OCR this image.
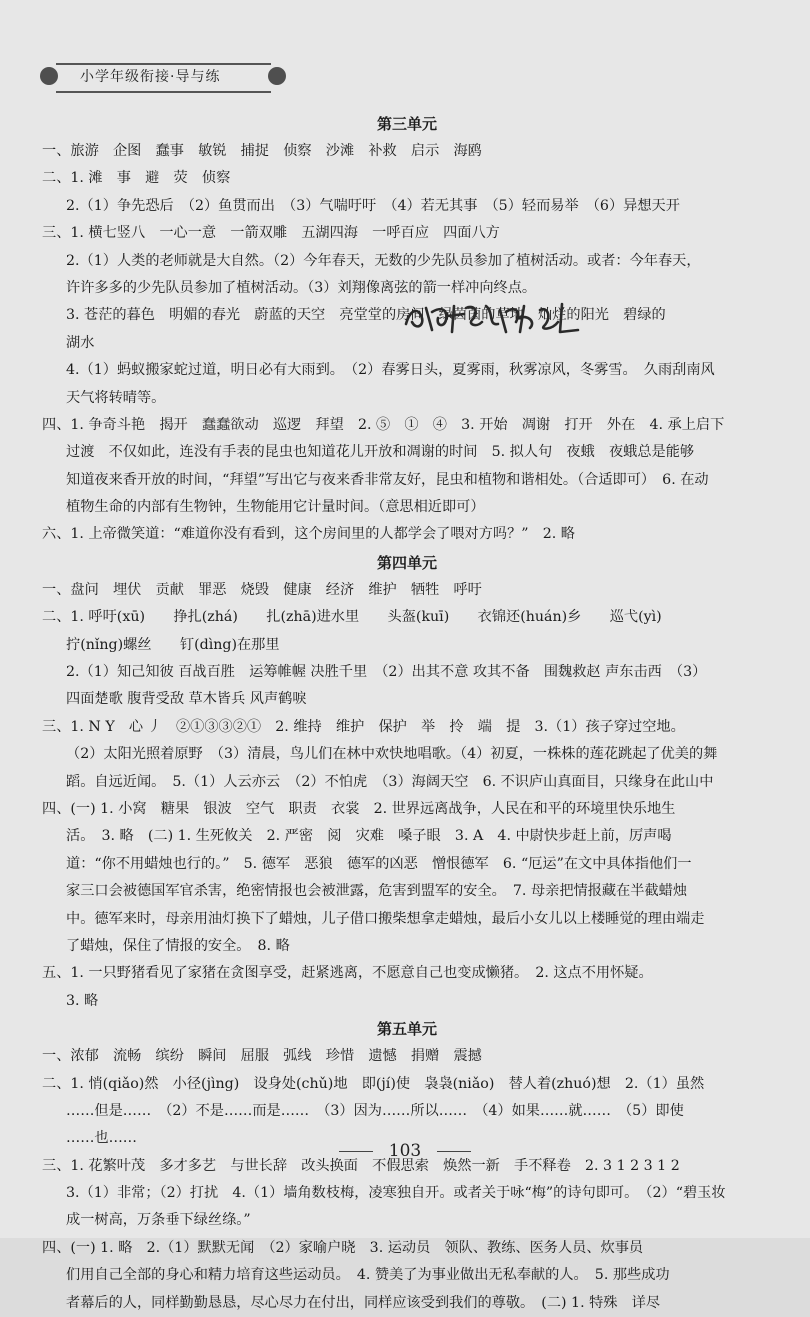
小学年级衔接·导与练
第三单元
一、旅游　企图　蠢事　敏锐　捕捉　侦察　沙滩　补救　启示　海鸥
二、1. 滩　事　避　荧　侦察
2.（1）争先恐后　（2）鱼贯而出　（3）气喘吁吁　（4）若无其事　（5）轻而易举　（6）异想天开
三、1. 横七竖八　一心一意　一箭双雕　五湖四海　一呼百应　四面八方
2.（1）人类的老师就是大自然。（2）今年春天，无数的少先队员参加了植树活动。或者：今年春天，
许许多多的少先队员参加了植树活动。（3）刘翔像离弦的箭一样冲向终点。
3. 苍茫的暮色　明媚的春光　蔚蓝的天空　亮堂堂的房间　绿茵茵的草地　灿烂的阳光　碧绿的
湖水
4.（1）蚂蚁搬家蛇过道，明日必有大雨到。　（2）春雾日头，夏雾雨，秋雾凉风，冬雾雪。　久雨刮南风
天气将转晴等。
四、1. 争奇斗艳　揭开　蠢蠢欲动　巡逻　拜望　2. ⑤　①　④　3. 开始　凋谢　打开　外在　4. 承上启下
过渡　不仅如此，连没有手表的昆虫也知道花儿开放和凋谢的时间　5. 拟人句　夜蛾　夜蛾总是能够
知道夜来香开放的时间，“拜望”写出它与夜来香非常友好，昆虫和植物和谐相处。（合适即可）　6. 在动
植物生命的内部有生物钟，生物能用它计量时间。（意思相近即可）
六、1. 上帝微笑道：“难道你没有看到，这个房间里的人都学会了喂对方吗？”　2. 略
第四单元
一、盘问　埋伏　贡献　罪恶　烧毁　健康　经济　维护　牺牲　呼吁
二、1. 呼吁(xū)　　挣扎(zhá)　　扎(zhā)进水里　　头盔(kuī)　　衣锦还(huán)乡　　巡弋(yì)
拧(nǐng)螺丝　　钉(dìng)在那里
2.（1）知己知彼 百战百胜　运筹帷幄 决胜千里　（2）出其不意 攻其不备　围魏救赵 声东击西　（3）
四面楚歌 腹背受敌 草木皆兵 风声鹤唳
三、1. N Y　心 丿　②①③③②①　2. 维持　维护　保护　举　拎　端　提　3.（1）孩子穿过空地。
（2）太阳光照着原野　（3）清晨，鸟儿们在林中欢快地唱歌。（4）初夏，一株株的莲花跳起了优美的舞
蹈。自远近闻。　5.（1）人云亦云　（2）不怕虎　（3）海阔天空　6. 不识庐山真面目，只缘身在此山中
四、(一) 1. 小窝　糖果　银波　空气　职责　衣裳　2. 世界远离战争，人民在和平的环境里快乐地生
活。　3. 略　(二) 1. 生死攸关　2. 严密　阅　灾难　嗓子眼　3. A　4. 中尉快步赶上前，厉声喝
道：“你不用蜡烛也行的。”　5. 德军　恶狼　德军的凶恶　憎恨德军　6. “厄运”在文中具体指他们一
家三口会被德国军官杀害，绝密情报也会被泄露，危害到盟军的安全。　7. 母亲把情报藏在半截蜡烛
中。德军来时，母亲用油灯换下了蜡烛，儿子借口搬柴想拿走蜡烛，最后小女儿以上楼睡觉的理由端走
了蜡烛，保住了情报的安全。　8. 略
五、1. 一只野猪看见了家猪在贪图享受，赶紧逃离，不愿意自己也变成懒猪。　2. 这点不用怀疑。
3. 略
第五单元
一、浓郁　流畅　缤纷　瞬间　屈服　弧线　珍惜　遗憾　捐赠　震撼
二、1. 悄(qiǎo)然　小径(jìng)　设身处(chǔ)地　即(jí)使　袅袅(niǎo)　替人着(zhuó)想　2.（1）虽然
……但是……　（2）不是……而是……　（3）因为……所以……　（4）如果……就……　（5）即使
……也……
三、1. 花繁叶茂　多才多艺　与世长辞　改头换面　不假思索　焕然一新　手不释卷　2. 3 1 2 3 1 2
3.（1）非常；（2）打扰　4.（1）墙角数枝梅，凌寒独自开。或者关于咏“梅”的诗句即可。　（2）“碧玉妆
成一树高，万条垂下绿丝绦。”
四、(一) 1. 略　2.（1）默默无闻　（2）家喻户晓　3. 运动员　领队、教练、医务人员、炊事员
们用自己全部的身心和精力培育这些运动员。　4. 赞美了为事业做出无私奉献的人。　5. 那些成功
者幕后的人，同样勤勤恳恳，尽心尽力在付出，同样应该受到我们的尊敬。　(二) 1. 特殊　详尽
103
